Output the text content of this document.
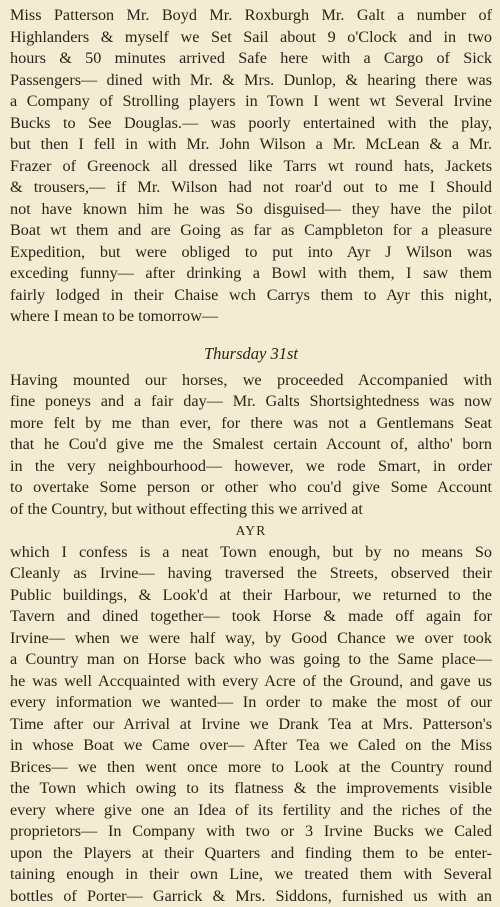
Miss Patterson Mr. Boyd Mr. Roxburgh Mr. Galt a number of
Highlanders & myself we Set Sail about 9 o'Clock and in two
hours & 50 minutes arrived Safe here with a Cargo of Sick
Passengers— dined with Mr. & Mrs. Dunlop, & hearing there was
a Company of Strolling players in Town I went wt Several Irvine
Bucks to See Douglas.— was poorly entertained with the play,
but then I fell in with Mr. John Wilson a Mr. McLean & a Mr.
Frazer of Greenock all dressed like Tarrs wt round hats, Jackets
& trousers,— if Mr. Wilson had not roar'd out to me I Should
not have known him he was So disguised— they have the pilot
Boat wt them and are Going as far as Campbleton for a pleasure
Expedition, but were obliged to put into Ayr J Wilson was
exceding funny— after drinking a Bowl with them, I saw them
fairly lodged in their Chaise wch Carrys them to Ayr this night,
where I mean to be tomorrow—
Thursday 31st
Having mounted our horses, we proceeded Accompanied with
fine poneys and a fair day— Mr. Galts Shortsightedness was now
more felt by me than ever, for there was not a Gentlemans Seat
that he Cou'd give me the Smalest certain Account of, altho' born
in the very neighbourhood— however, we rode Smart, in order
to overtake Some person or other who cou'd give Some Account
of the Country, but without effecting this we arrived at
AYR
which I confess is a neat Town enough, but by no means So
Cleanly as Irvine— having traversed the Streets, observed their
Public buildings, & Look'd at their Harbour, we returned to the
Tavern and dined together— took Horse & made off again for
Irvine— when we were half way, by Good Chance we over took
a Country man on Horse back who was going to the Same place—
he was well Accquainted with every Acre of the Ground, and gave us
every information we wanted— In order to make the most of our
Time after our Arrival at Irvine we Drank Tea at Mrs. Patterson's
in whose Boat we Came over— After Tea we Caled on the Miss
Brices— we then went once more to Look at the Country round
the Town which owing to its flatness & the improvements visible
every where give one an Idea of its fertility and the riches of the
proprietors— In Company with two or 3 Irvine Bucks we Caled
upon the Players at their Quarters and finding them to be enter-
taining enough in their own Line, we treated them with Several
bottles of Porter— Garrick & Mrs. Siddons, furnished us with an
